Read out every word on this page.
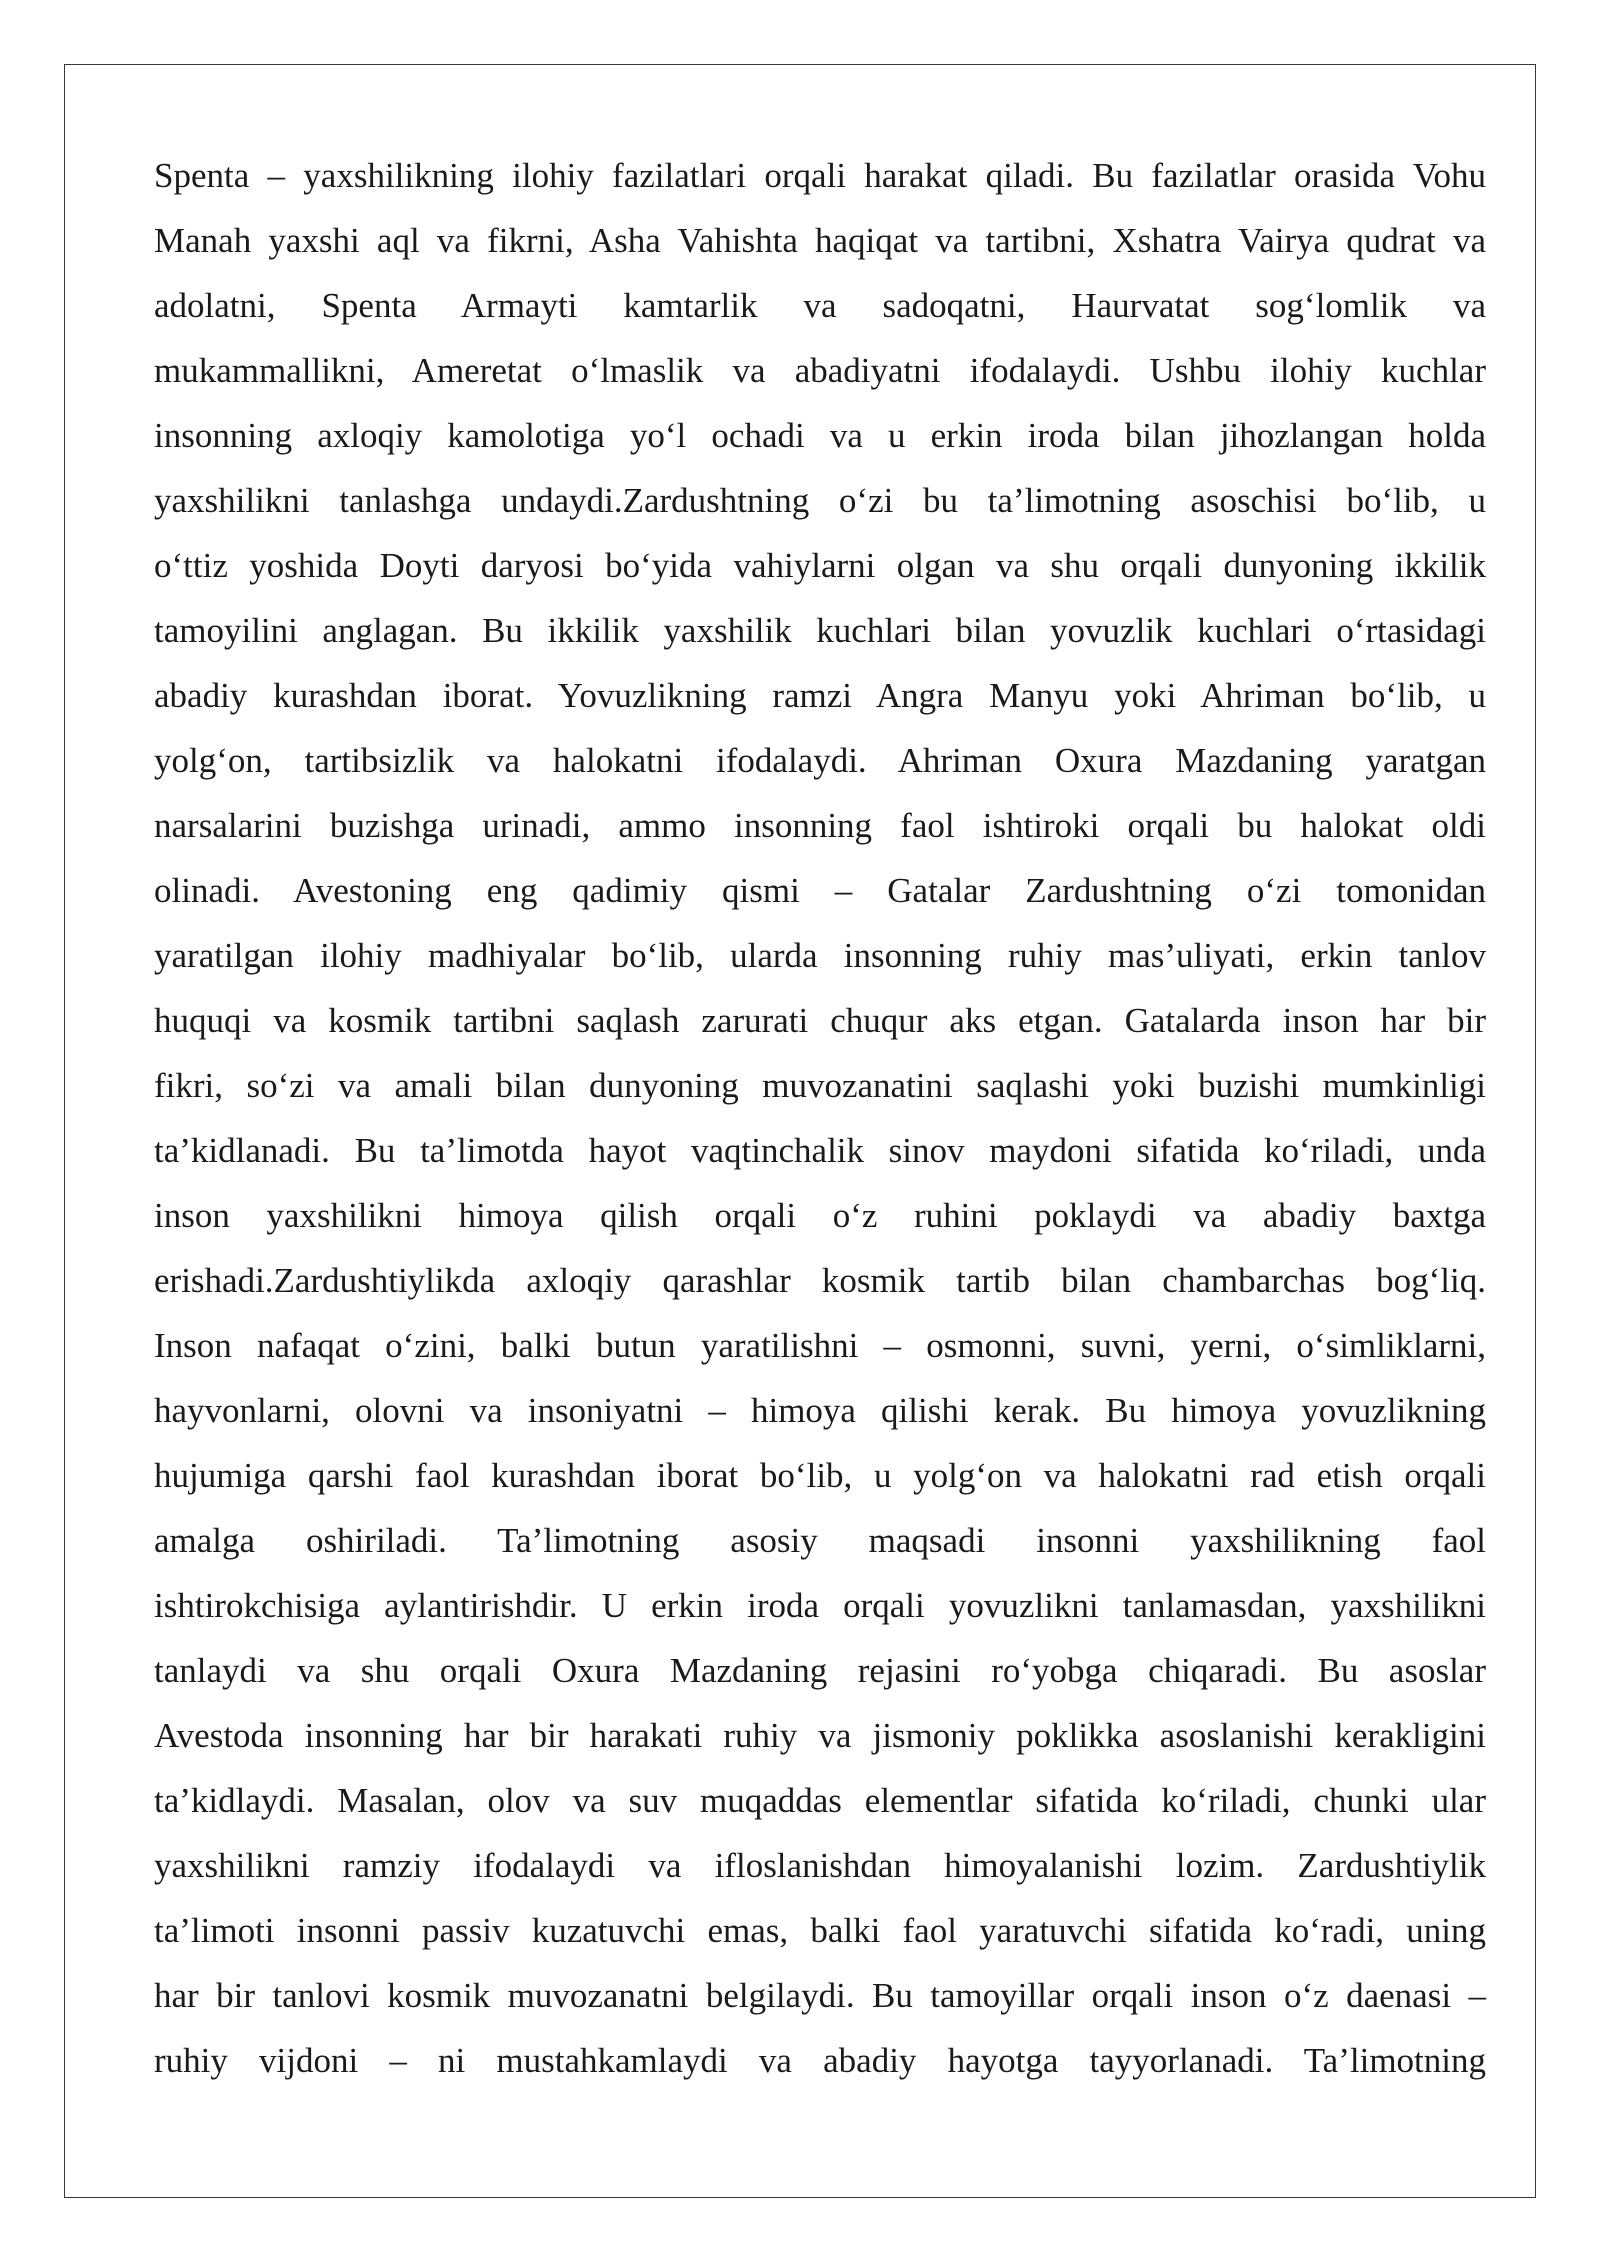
Spenta – yaxshilikning ilohiy fazilatlari orqali harakat qiladi. Bu fazilatlar orasida Vohu
Manah yaxshi aql va fikrni, Asha Vahishta haqiqat va tartibni, Xshatra Vairya qudrat va
adolatni, Spenta Armayti kamtarlik va sadoqatni, Haurvatat sog‘lomlik va
mukammallikni, Ameretat o‘lmaslik va abadiyatni ifodalaydi. Ushbu ilohiy kuchlar
insonning axloqiy kamolotiga yo‘l ochadi va u erkin iroda bilan jihozlangan holda
yaxshilikni tanlashga undaydi.Zardushtning o‘zi bu ta’limotning asoschisi bo‘lib, u
o‘ttiz yoshida Doyti daryosi bo‘yida vahiylarni olgan va shu orqali dunyoning ikkilik
tamoyilini anglagan. Bu ikkilik yaxshilik kuchlari bilan yovuzlik kuchlari o‘rtasidagi
abadiy kurashdan iborat. Yovuzlikning ramzi Angra Manyu yoki Ahriman bo‘lib, u
yolg‘on, tartibsizlik va halokatni ifodalaydi. Ahriman Oxura Mazdaning yaratgan
narsalarini buzishga urinadi, ammo insonning faol ishtiroki orqali bu halokat oldi
olinadi. Avestoning eng qadimiy qismi – Gatalar Zardushtning o‘zi tomonidan
yaratilgan ilohiy madhiyalar bo‘lib, ularda insonning ruhiy mas’uliyati, erkin tanlov
huquqi va kosmik tartibni saqlash zarurati chuqur aks etgan. Gatalarda inson har bir
fikri, so‘zi va amali bilan dunyoning muvozanatini saqlashi yoki buzishi mumkinligi
ta’kidlanadi. Bu ta’limotda hayot vaqtinchalik sinov maydoni sifatida ko‘riladi, unda
inson yaxshilikni himoya qilish orqali o‘z ruhini poklaydi va abadiy baxtga
erishadi.Zardushtiylikda axloqiy qarashlar kosmik tartib bilan chambarchas bog‘liq.
Inson nafaqat o‘zini, balki butun yaratilishni – osmonni, suvni, yerni, o‘simliklarni,
hayvonlarni, olovni va insoniyatni – himoya qilishi kerak. Bu himoya yovuzlikning
hujumiga qarshi faol kurashdan iborat bo‘lib, u yolg‘on va halokatni rad etish orqali
amalga oshiriladi. Ta’limotning asosiy maqsadi insonni yaxshilikning faol
ishtirokchisiga aylantirishdir. U erkin iroda orqali yovuzlikni tanlamasdan, yaxshilikni
tanlaydi va shu orqali Oxura Mazdaning rejasini ro‘yobga chiqaradi. Bu asoslar
Avestoda insonning har bir harakati ruhiy va jismoniy poklikka asoslanishi kerakligini
ta’kidlaydi. Masalan, olov va suv muqaddas elementlar sifatida ko‘riladi, chunki ular
yaxshilikni ramziy ifodalaydi va ifloslanishdan himoyalanishi lozim. Zardushtiylik
ta’limoti insonni passiv kuzatuvchi emas, balki faol yaratuvchi sifatida ko‘radi, uning
har bir tanlovi kosmik muvozanatni belgilaydi. Bu tamoyillar orqali inson o‘z daenasi –
ruhiy vijdoni – ni mustahkamlaydi va abadiy hayotga tayyorlanadi. Ta’limotning
